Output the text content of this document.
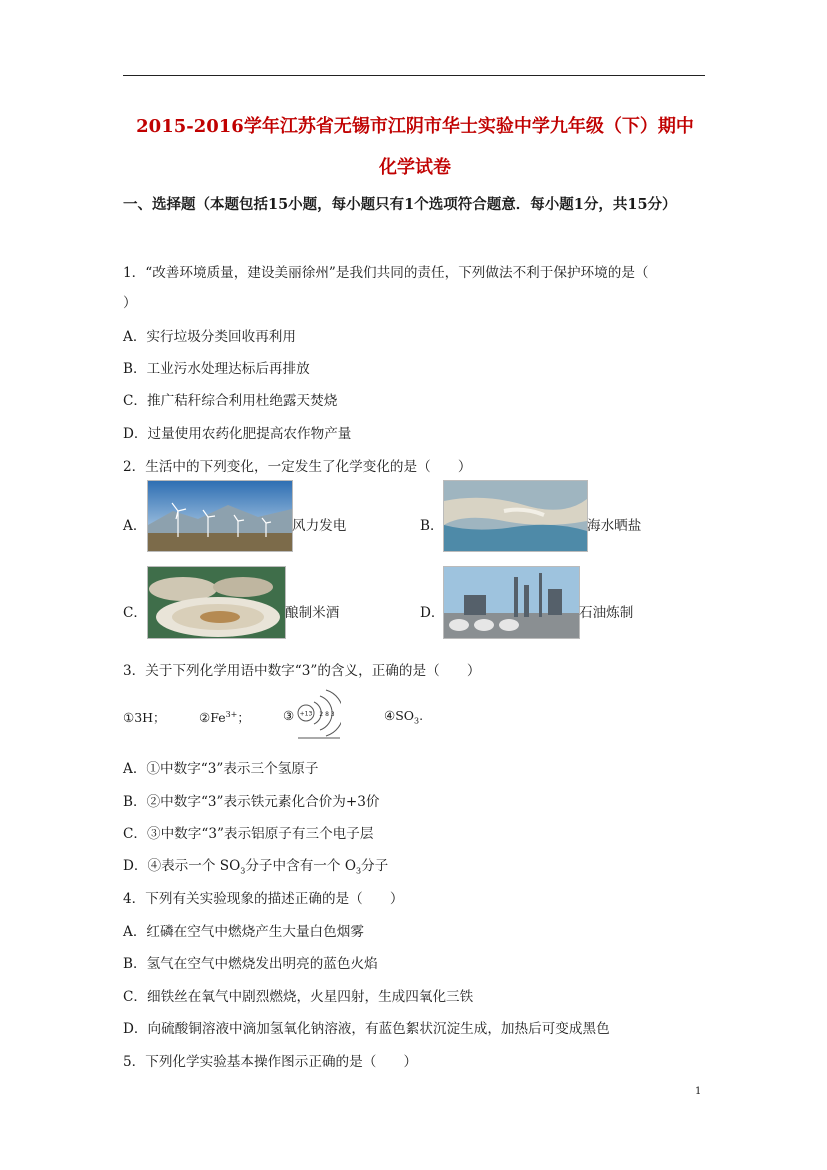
2015-2016学年江苏省无锡市江阴市华士实验中学九年级（下）期中
化学试卷
一、选择题（本题包括15小题，每小题只有1个选项符合题意．每小题1分，共15分）
1．“改善环境质量，建设美丽徐州”是我们共同的责任，下列做法不利于保护环境的是（
）
A．实行垃圾分类回收再利用
B．工业污水处理达标后再排放
C．推广秸秆综合利用杜绝露天焚烧
D．过量使用农药化肥提高农作物产量
2．生活中的下列变化，一定发生了化学变化的是（　　）
A．	风力发电	B．	海水晒盐
C．	酿制米酒	D．	石油炼制
3．关于下列化学用语中数字“3”的含义，正确的是（　　）
①3H；	$②Fe^{3+}$；	③ +13 2 8 3	$④SO_3$.
A．①中数字“3”表示三个氢原子
B．②中数字“3”表示铁元素化合价为+3价
C．③中数字“3”表示铝原子有三个电子层
D．④表示一个 $SO_3$分子中含有一个 $O_3$分子
4．下列有关实验现象的描述正确的是（　　）
A．红磷在空气中燃烧产生大量白色烟雾
B．氢气在空气中燃烧发出明亮的蓝色火焰
C．细铁丝在氧气中剧烈燃烧，火星四射，生成四氧化三铁
D．向硫酸铜溶液中滴加氢氧化钠溶液，有蓝色絮状沉淀生成，加热后可变成黑色
5．下列化学实验基本操作图示正确的是（　　）
1
